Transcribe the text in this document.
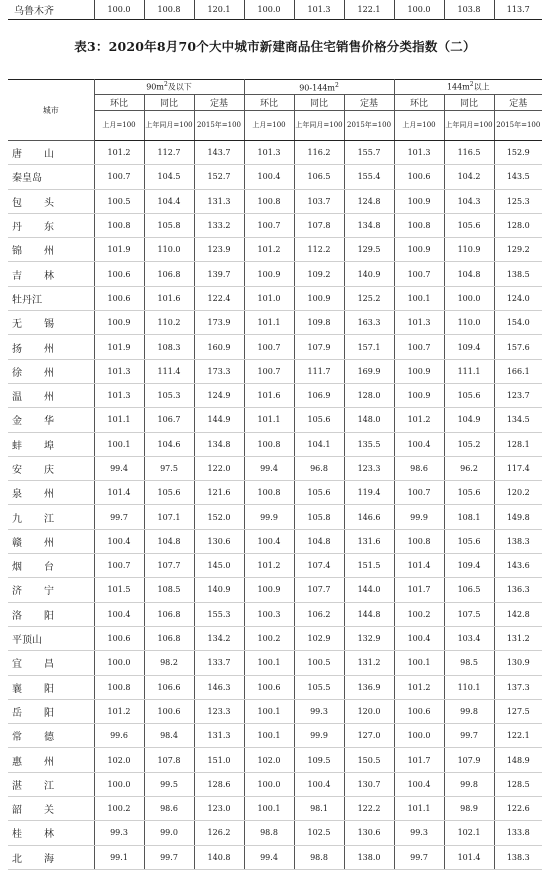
乌鲁木齐	100.0	100.8	120.1	100.0	101.3	122.1	100.0	103.8	113.7
表3：2020年8月70个大中城市新建商品住宅销售价格分类指数（二）
城市	$90m^2$及以下			$90-144m^2$			$144m^2$以上		
	环比	同比	定基	环比	同比	定基	环比	同比	定基
	上月=100	上年同月=100	2015年=100	上月=100	上年同月=100	2015年=100	上月=100	上年同月=100	2015年=100

唐 山	101.2	112.7	143.7	101.3	116.2	155.7	101.3	116.5	152.9
秦皇岛	100.7	104.5	152.7	100.4	106.5	155.4	100.6	104.2	143.5

包 头	100.5	104.4	131.3	100.8	103.7	124.8	100.9	104.3	125.3

丹 东	100.8	105.8	133.2	100.7	107.8	134.8	100.8	105.6	128.0

锦 州	101.9	110.0	123.9	101.2	112.2	129.5	100.9	110.9	129.2

吉 林	100.6	106.8	139.7	100.9	109.2	140.9	100.7	104.8	138.5
牡丹江	100.6	101.6	122.4	101.0	100.9	125.2	100.1	100.0	124.0

无 锡	100.9	110.2	173.9	101.1	109.8	163.3	101.3	110.0	154.0

扬 州	101.9	108.3	160.9	100.7	107.9	157.1	100.7	109.4	157.6

徐 州	101.3	111.4	173.3	100.7	111.7	169.9	100.9	111.1	166.1

温 州	101.3	105.3	124.9	101.6	106.9	128.0	100.9	105.6	123.7

金 华	101.1	106.7	144.9	101.1	105.6	148.0	101.2	104.9	134.5

蚌 埠	100.1	104.6	134.8	100.8	104.1	135.5	100.4	105.2	128.1

安 庆	99.4	97.5	122.0	99.4	96.8	123.3	98.6	96.2	117.4

泉 州	101.4	105.6	121.6	100.8	105.6	119.4	100.7	105.6	120.2

九 江	99.7	107.1	152.0	99.9	105.8	146.6	99.9	108.1	149.8

赣 州	100.4	104.8	130.6	100.4	104.8	131.6	100.8	105.6	138.3

烟 台	100.7	107.7	145.0	101.2	107.4	151.5	101.4	109.4	143.6

济 宁	101.5	108.5	140.9	100.9	107.7	144.0	101.7	106.5	136.3

洛 阳	100.4	106.8	155.3	100.3	106.2	144.8	100.2	107.5	142.8
平顶山	100.6	106.8	134.2	100.2	102.9	132.9	100.4	103.4	131.2

宜 昌	100.0	98.2	133.7	100.1	100.5	131.2	100.1	98.5	130.9

襄 阳	100.8	106.6	146.3	100.6	105.5	136.9	101.2	110.1	137.3

岳 阳	101.2	100.6	123.3	100.1	99.3	120.0	100.6	99.8	127.5

常 德	99.6	98.4	131.3	100.1	99.9	127.0	100.0	99.7	122.1

惠 州	102.0	107.8	151.0	102.0	109.5	150.5	101.7	107.9	148.9

湛 江	100.0	99.5	128.6	100.0	100.4	130.7	100.4	99.8	128.5

韶 关	100.2	98.6	123.0	100.1	98.1	122.2	101.1	98.9	122.6

桂 林	99.3	99.0	126.2	98.8	102.5	130.6	99.3	102.1	133.8

北 海	99.1	99.7	140.8	99.4	98.8	138.0	99.7	101.4	138.3
